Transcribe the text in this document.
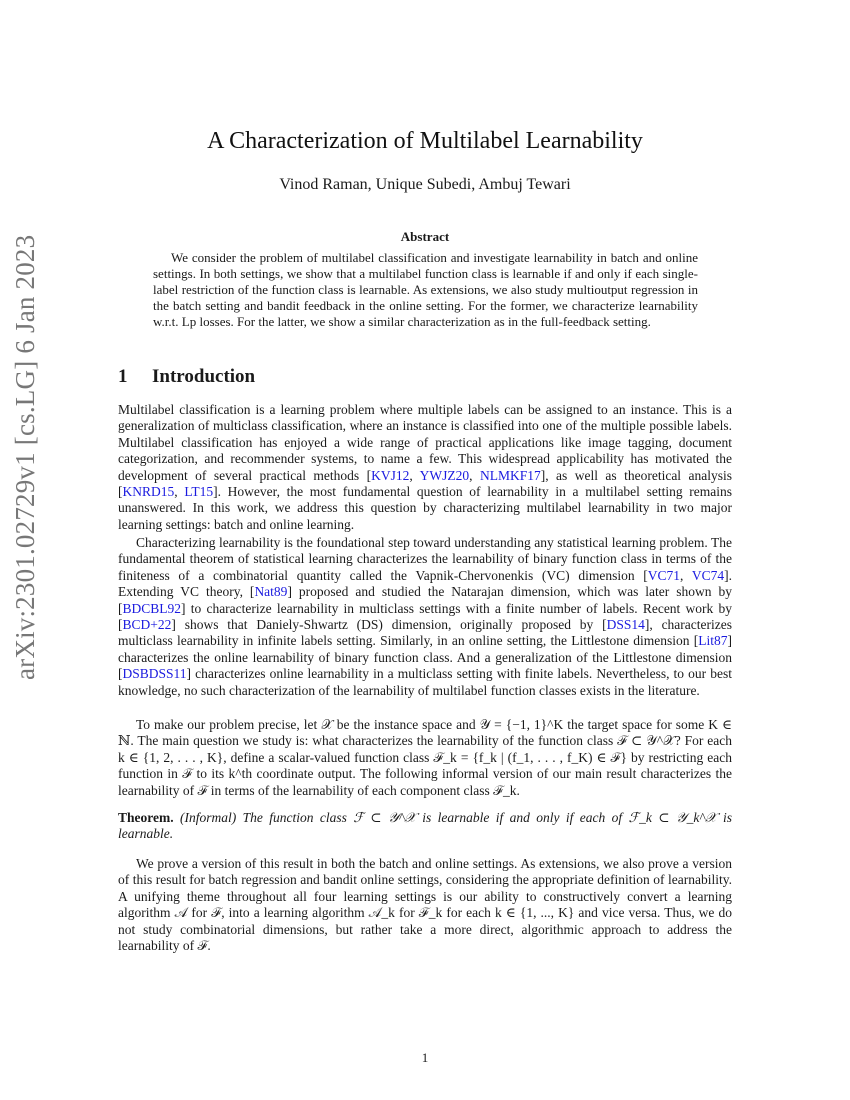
arXiv:2301.02729v1 [cs.LG] 6 Jan 2023
A Characterization of Multilabel Learnability
Vinod Raman, Unique Subedi, Ambuj Tewari
Abstract

We consider the problem of multilabel classification and investigate learnability in batch and online settings. In both settings, we show that a multilabel function class is learnable if and only if each single-label restriction of the function class is learnable. As extensions, we also study multioutput regression in the batch setting and bandit feedback in the online setting. For the former, we characterize learnability w.r.t. Lp losses. For the latter, we show a similar characterization as in the full-feedback setting.

1 Introduction

Multilabel classification is a learning problem where multiple labels can be assigned to an instance. This is a generalization of multiclass classification, where an instance is classified into one of the multiple possible labels. Multilabel classification has enjoyed a wide range of practical applications like image tagging, document categorization, and recommender systems, to name a few. This widespread applicability has motivated the development of several practical methods [KVJ12, YWJZ20, NLMKF17], as well as theoretical analysis [KNRD15, LT15]. However, the most fundamental question of learnability in a multilabel setting remains unanswered. In this work, we address this question by characterizing multilabel learnability in two major learning settings: batch and online learning.

Characterizing learnability is the foundational step toward understanding any statistical learning problem. The fundamental theorem of statistical learning characterizes the learnability of binary function class in terms of the finiteness of a combinatorial quantity called the Vapnik-Chervonenkis (VC) dimension [VC71, VC74]. Extending VC theory, [Nat89] proposed and studied the Natarajan dimension, which was later shown by [BDCBL92] to characterize learnability in multiclass settings with a finite number of labels. Recent work by [BCD+22] shows that Daniely-Shwartz (DS) dimension, originally proposed by [DSS14], characterizes multiclass learnability in infinite labels setting. Similarly, in an online setting, the Littlestone dimension [Lit87] characterizes the online learnability of binary function class. And a generalization of the Littlestone dimension [DSBDSS11] characterizes online learnability in a multiclass setting with finite labels. Nevertheless, to our best knowledge, no such characterization of the learnability of multilabel function classes exists in the literature.

To make our problem precise, let 𝒳 be the instance space and 𝒴 = {−1, 1}^K the target space for some K ∈ ℕ. The main question we study is: what characterizes the learnability of the function class ℱ ⊂ 𝒴^𝒳? For each k ∈ {1, 2, . . . , K}, define a scalar-valued function class ℱ_k = {f_k | (f_1, . . . , f_K) ∈ ℱ} by restricting each function in ℱ to its k^th coordinate output. The following informal version of our main result characterizes the learnability of ℱ in terms of the learnability of each component class ℱ_k.

Theorem. (Informal) The function class ℱ ⊂ 𝒴^𝒳 is learnable if and only if each of ℱ_k ⊂ 𝒴_k^𝒳 is learnable.

We prove a version of this result in both the batch and online settings. As extensions, we also prove a version of this result for batch regression and bandit online settings, considering the appropriate definition of learnability. A unifying theme throughout all four learning settings is our ability to constructively convert a learning algorithm 𝒜 for ℱ, into a learning algorithm 𝒜_k for ℱ_k for each k ∈ {1, ..., K} and vice versa. Thus, we do not study combinatorial dimensions, but rather take a more direct, algorithmic approach to address the learnability of ℱ.

1
